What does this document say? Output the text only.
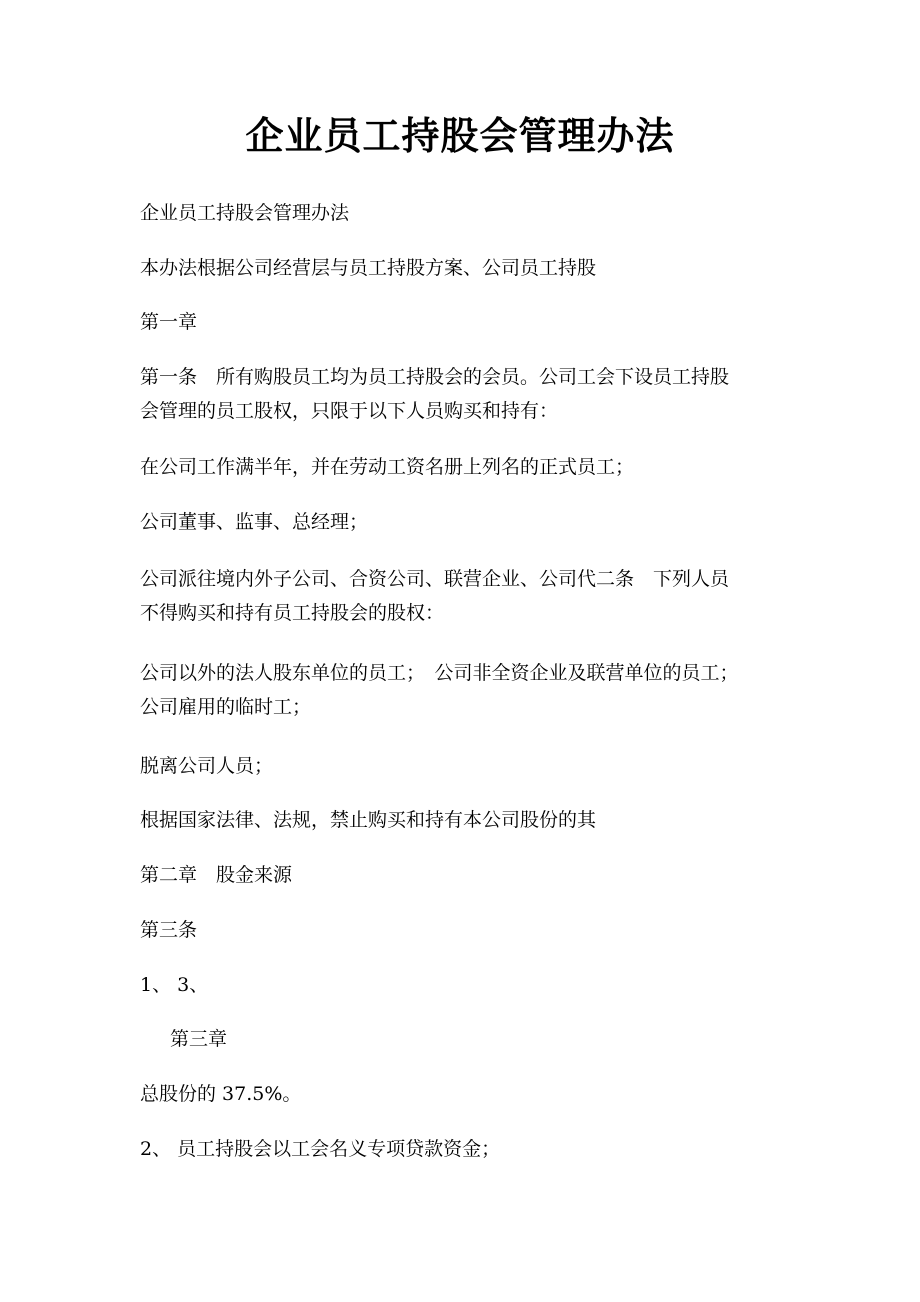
企业员工持股会管理办法
企业员工持股会管理办法
本办法根据公司经营层与员工持股方案、公司员工持股
第一章
第一条　所有购股员工均为员工持股会的会员。公司工会下设员工持股
会管理的员工股权，只限于以下人员购买和持有：
在公司工作满半年，并在劳动工资名册上列名的正式员工；
公司董事、监事、总经理；
公司派往境内外子公司、合资公司、联营企业、公司代二条　下列人员
不得购买和持有员工持股会的股权：
公司以外的法人股东单位的员工；　公司非全资企业及联营单位的员工；
公司雇用的临时工；
脱离公司人员；
根据国家法律、法规，禁止购买和持有本公司股份的其
第二章　股金来源
第三条
1、 3、
第三章
总股份的 37.5%。
2、 员工持股会以工会名义专项贷款资金；
